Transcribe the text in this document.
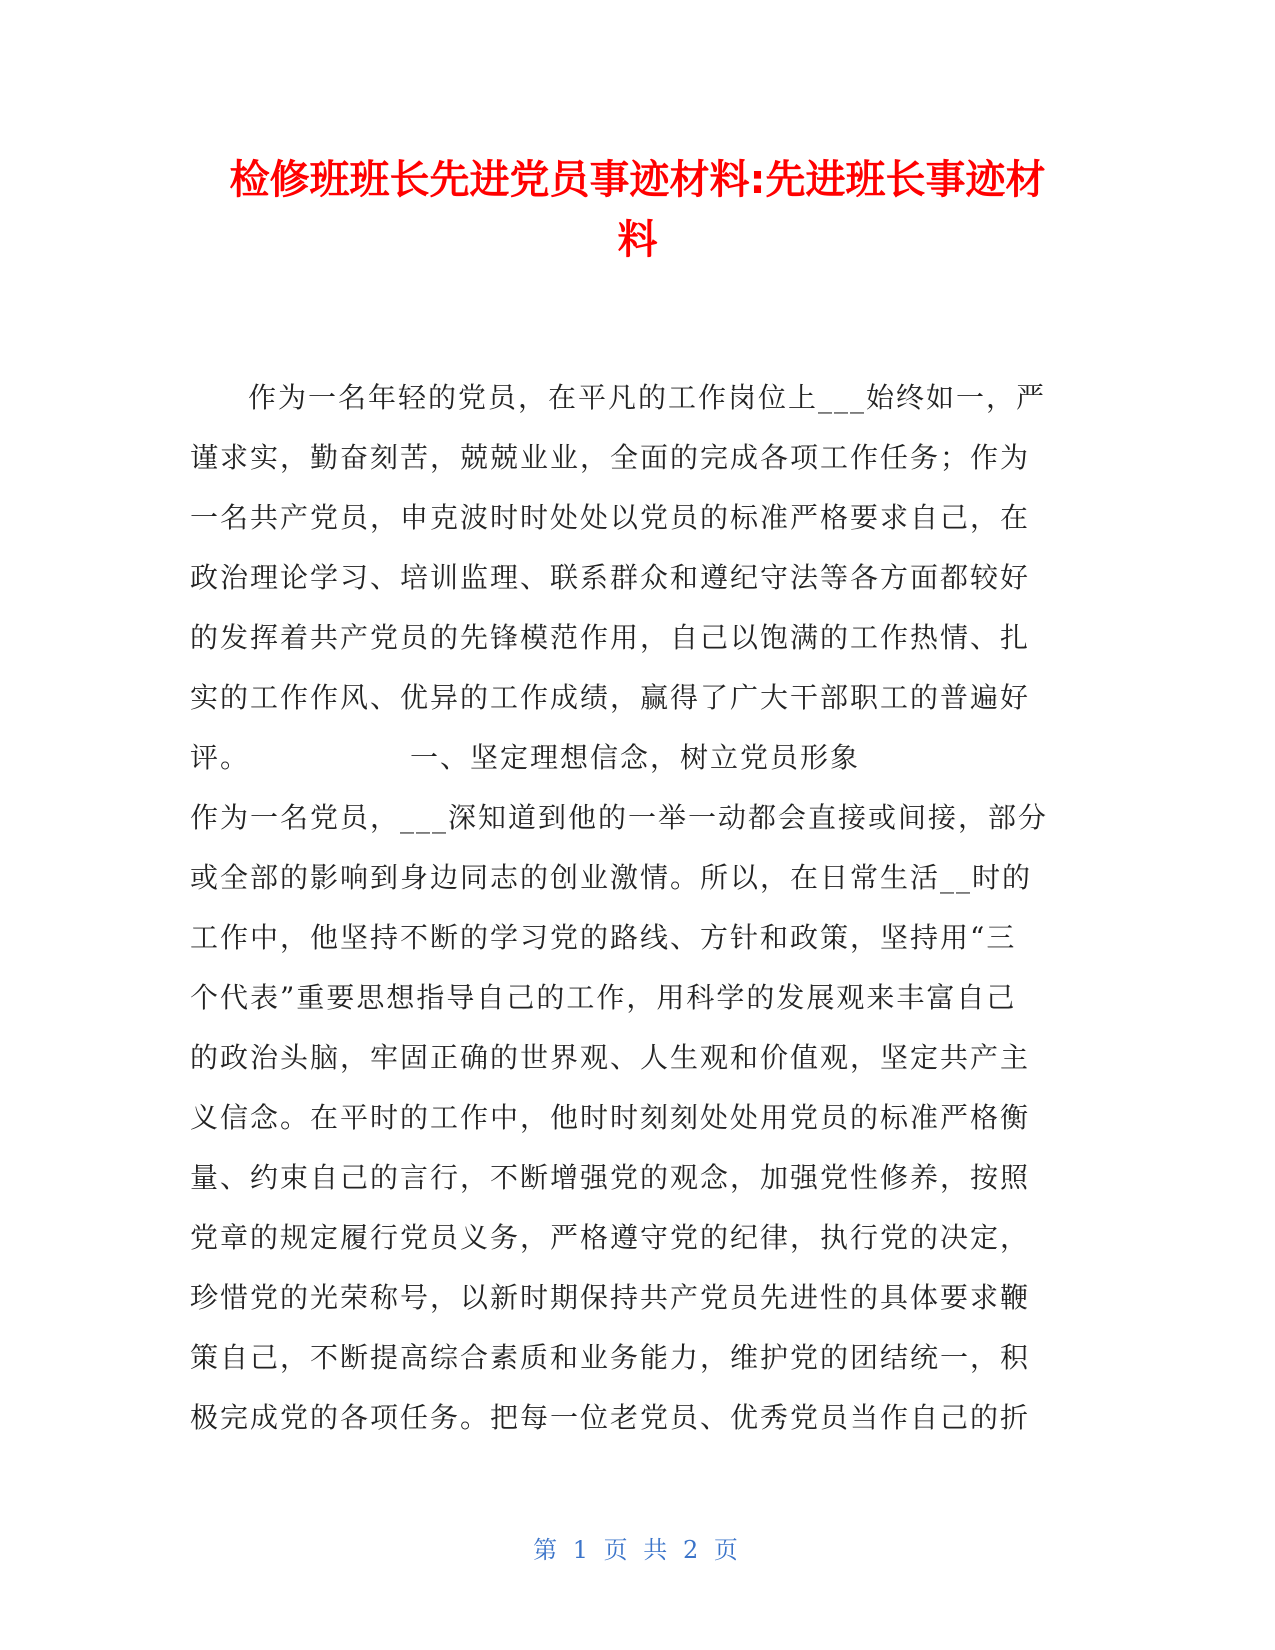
检修班班长先进党员事迹材料:先进班长事迹材
料
作为一名年轻的党员，在平凡的工作岗位上___始终如一，严
谨求实，勤奋刻苦，兢兢业业，全面的完成各项工作任务；作为
一名共产党员，申克波时时处处以党员的标准严格要求自己，在
政治理论学习、培训监理、联系群众和遵纪守法等各方面都较好
的发挥着共产党员的先锋模范作用，自己以饱满的工作热情、扎
实的工作作风、优异的工作成绩，赢得了广大干部职工的普遍好
评。	一、坚定理想信念，树立党员形象
作为一名党员，___深知道到他的一举一动都会直接或间接，部分
或全部的影响到身边同志的创业激情。所以，在日常生活__时的
工作中，他坚持不断的学习党的路线、方针和政策，坚持用“三
个代表”重要思想指导自己的工作，用科学的发展观来丰富自己
的政治头脑，牢固正确的世界观、人生观和价值观，坚定共产主
义信念。在平时的工作中，他时时刻刻处处用党员的标准严格衡
量、约束自己的言行，不断增强党的观念，加强党性修养，按照
党章的规定履行党员义务，严格遵守党的纪律，执行党的决定，
珍惜党的光荣称号，以新时期保持共产党员先进性的具体要求鞭
策自己，不断提高综合素质和业务能力，维护党的团结统一，积
极完成党的各项任务。把每一位老党员、优秀党员当作自己的折
第 1 页 共 2 页
